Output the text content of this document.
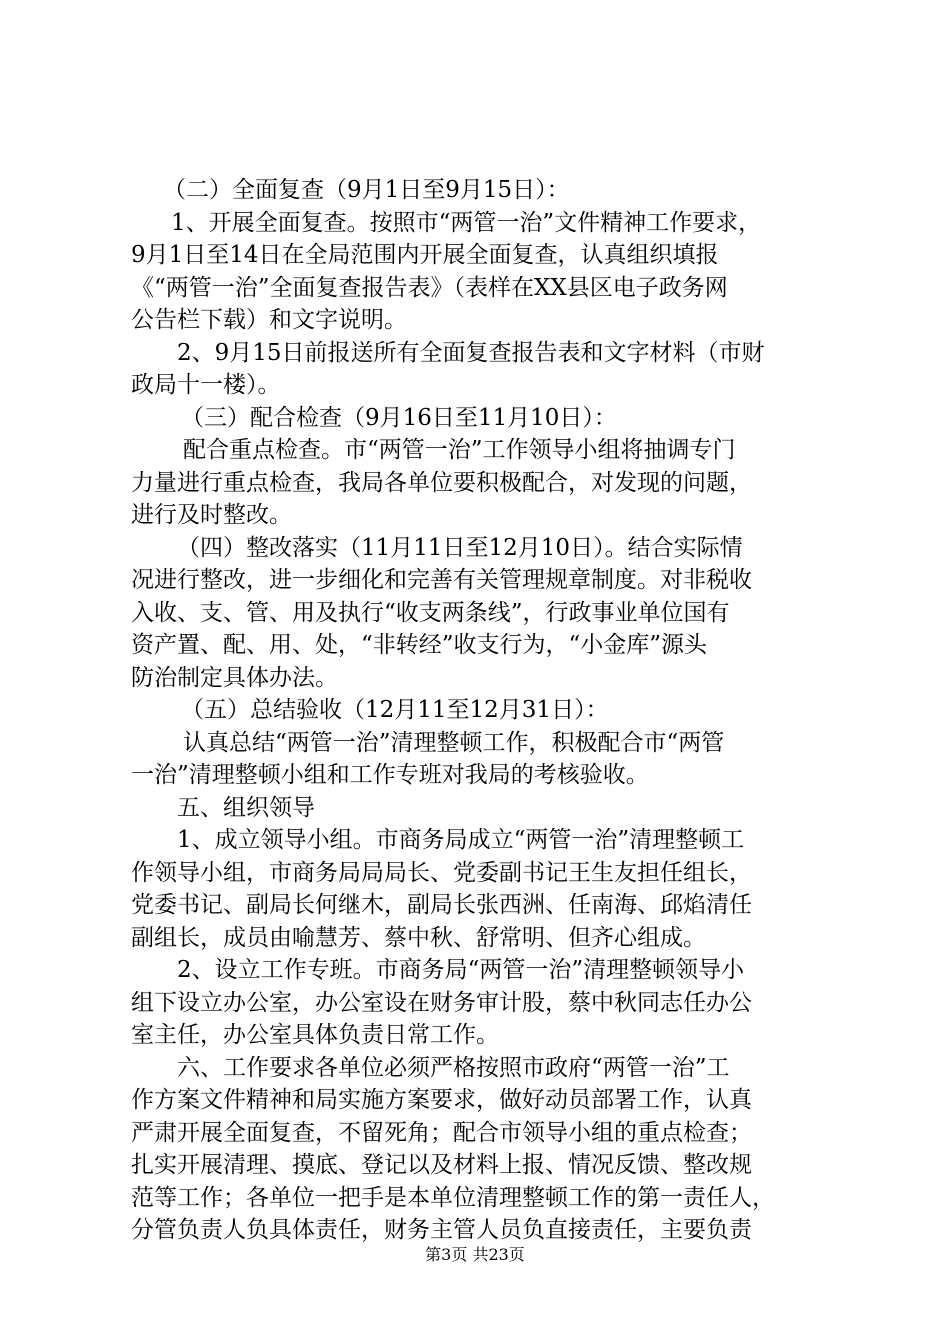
（二）全面复查（9月1日至9月15日）：
1、开展全面复查。按照市“两管一治”文件精神工作要求，
9月1日至14日在全局范围内开展全面复查，认真组织填报
《“两管一治”全面复查报告表》（表样在XX县区电子政务网
公告栏下载）和文字说明。
2、9月15日前报送所有全面复查报告表和文字材料（市财
政局十一楼）。
（三）配合检查（9月16日至11月10日）：
配合重点检查。市“两管一治”工作领导小组将抽调专门
力量进行重点检查，我局各单位要积极配合，对发现的问题，
进行及时整改。
（四）整改落实（11月11日至12月10日）。结合实际情
况进行整改，进一步细化和完善有关管理规章制度。对非税收
入收、支、管、用及执行“收支两条线”，行政事业单位国有
资产置、配、用、处，“非转经”收支行为，“小金库”源头
防治制定具体办法。
（五）总结验收（12月11至12月31日）：
认真总结“两管一治”清理整顿工作，积极配合市“两管
一治”清理整顿小组和工作专班对我局的考核验收。
五、组织领导
1、成立领导小组。市商务局成立“两管一治”清理整顿工
作领导小组，市商务局局局长、党委副书记王生友担任组长，
党委书记、副局长何继木，副局长张西洲、任南海、邱焰清任
副组长，成员由喻慧芳、蔡中秋、舒常明、但齐心组成。
2、设立工作专班。市商务局“两管一治”清理整顿领导小
组下设立办公室，办公室设在财务审计股，蔡中秋同志任办公
室主任，办公室具体负责日常工作。
六、工作要求各单位必须严格按照市政府“两管一治”工
作方案文件精神和局实施方案要求，做好动员部署工作，认真
严肃开展全面复查，不留死角；配合市领导小组的重点检查；
扎实开展清理、摸底、登记以及材料上报、情况反馈、整改规
范等工作；各单位一把手是本单位清理整顿工作的第一责任人，
分管负责人负具体责任，财务主管人员负直接责任，主要负责
第3页 共23页
